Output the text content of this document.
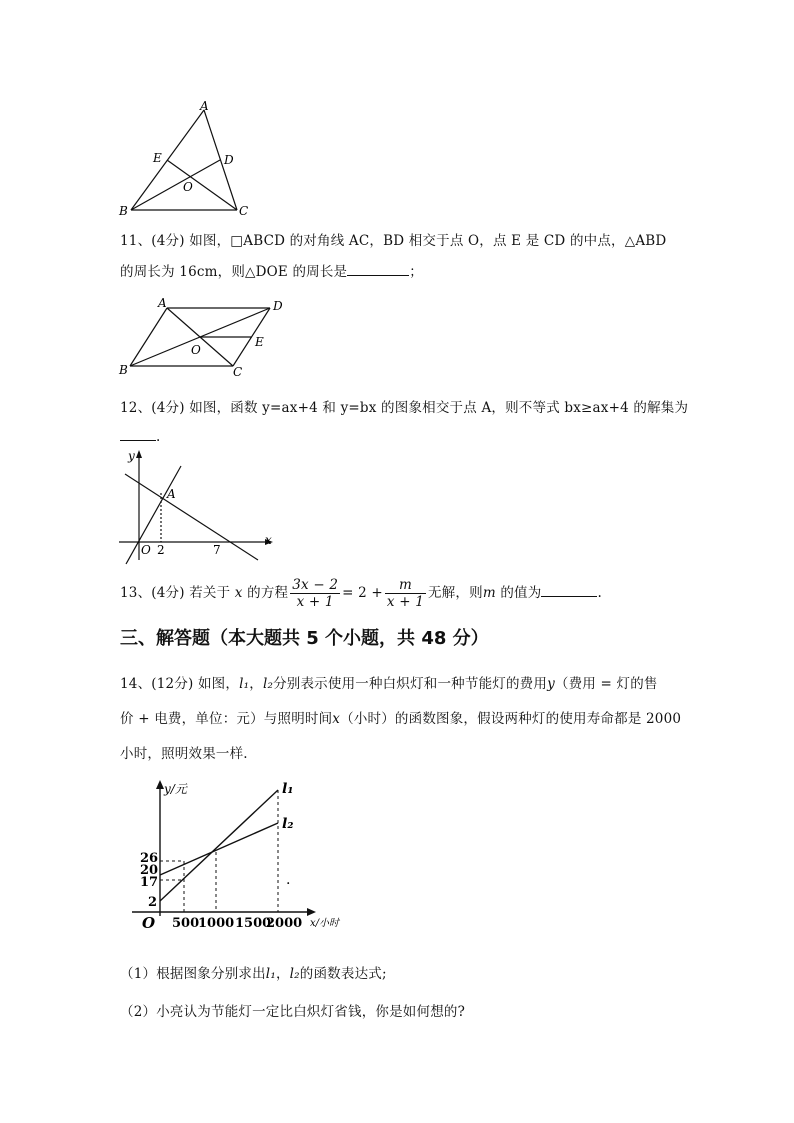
A
E	D
O
B	C
11、(4分) 如图，□ABCD 的对角线 AC，BD 相交于点 O，点 E 是 CD 的中点，△ABD
的周长为 16cm，则△DOE 的周长是	；
A	D
O
E
B	C
12、(4分) 如图，函数 y=ax+4 和 y=bx 的图象相交于点 A，则不等式 bx≥ax+4 的解集为
.
y
x
A
O 2	7
13、(4分) 若关于 x 的方程 $\frac{3x - 2}{x + 1} = 2 + \frac{m}{x + 1}$ 无解，则m 的值为	.
三、解答题（本大题共 5 个小题，共 48 分）
14、(12分) 如图，l₁，l₂分别表示使用一种白炽灯和一种节能灯的费用y（费用 = 灯的售
价 + 电费，单位：元）与照明时间x（小时）的函数图象，假设两种灯的使用寿命都是 2000
小时，照明效果一样.
y/元	l₁
l₂
26
20
17
2
O 500
1000 1500
2000 x/小时
.
（1）根据图象分别求出l₁，l₂的函数表达式;
（2）小亮认为节能灯一定比白炽灯省钱，你是如何想的?
